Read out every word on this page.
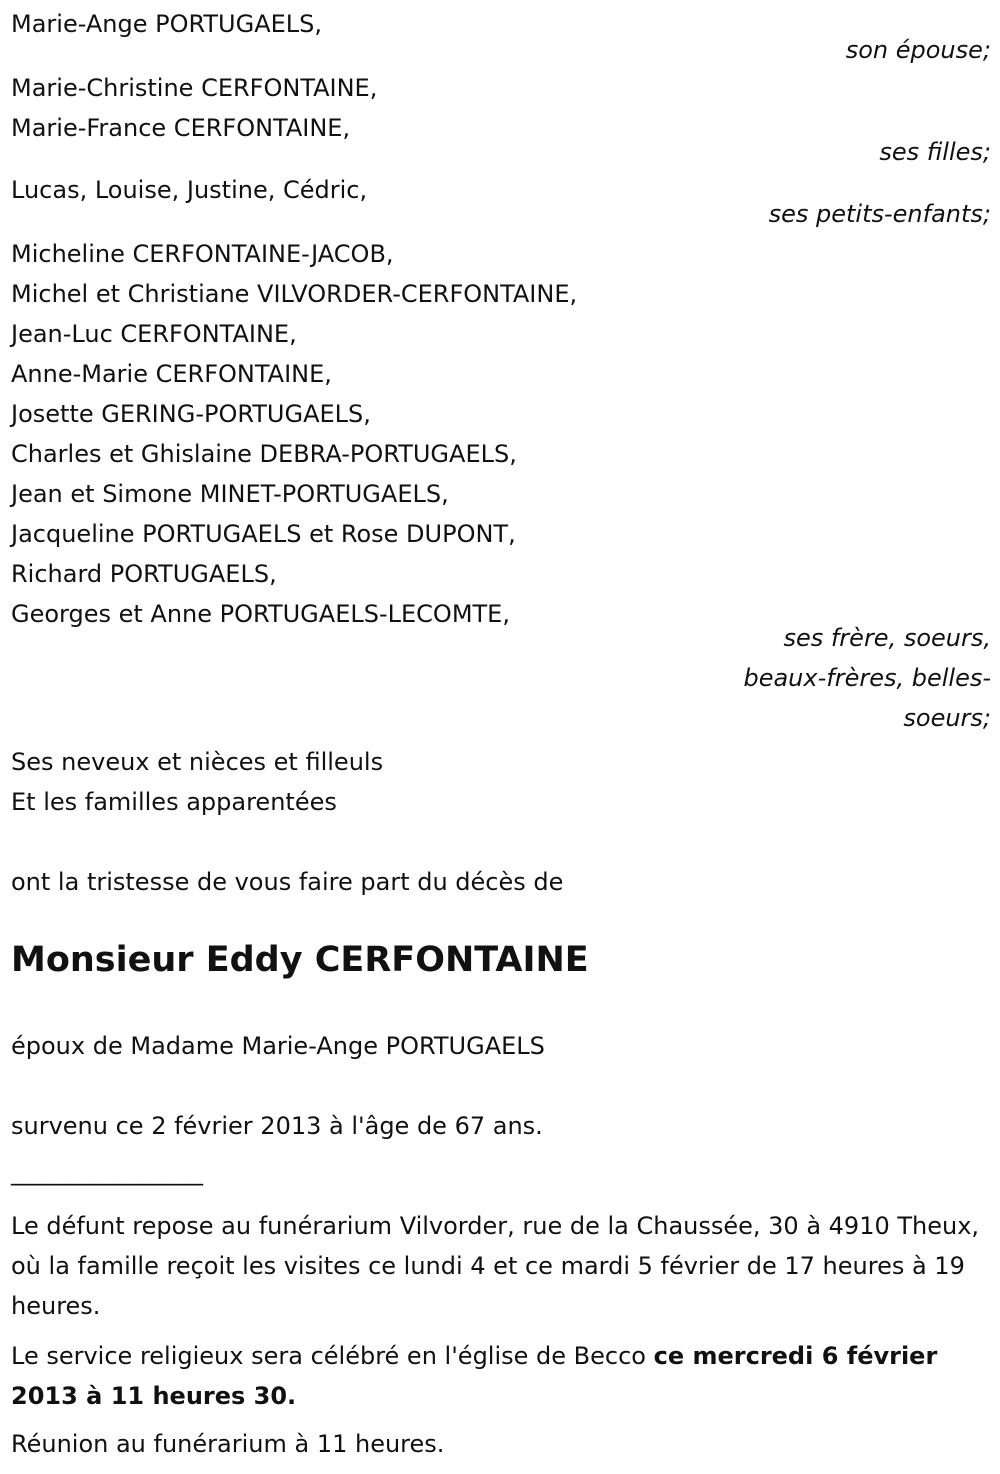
Marie-Ange PORTUGAELS,
son épouse;
Marie-Christine CERFONTAINE,
Marie-France CERFONTAINE,
ses filles;
Lucas, Louise, Justine, Cédric,
ses petits-enfants;
Micheline CERFONTAINE-JACOB,
Michel et Christiane VILVORDER-CERFONTAINE,
Jean-Luc CERFONTAINE,
Anne-Marie CERFONTAINE,
Josette GERING-PORTUGAELS,
Charles et Ghislaine DEBRA-PORTUGAELS,
Jean et Simone MINET-PORTUGAELS,
Jacqueline PORTUGAELS et Rose DUPONT,
Richard PORTUGAELS,
Georges et Anne PORTUGAELS-LECOMTE,
ses frère, soeurs,
beaux-frères, belles-
soeurs;
Ses neveux et nièces et filleuls
Et les familles apparentées
ont la tristesse de vous faire part du décès de
Monsieur Eddy CERFONTAINE
époux de Madame Marie-Ange PORTUGAELS
survenu ce 2 février 2013 à l'âge de 67 ans.
________________
Le défunt repose au funérarium Vilvorder, rue de la Chaussée, 30 à 4910 Theux, où la famille reçoit les visites ce lundi 4 et ce mardi 5 février de 17 heures à 19 heures.
Le service religieux sera célébré en l'église de Becco ce mercredi 6 février 2013 à 11 heures 30.
Réunion au funérarium à 11 heures.
